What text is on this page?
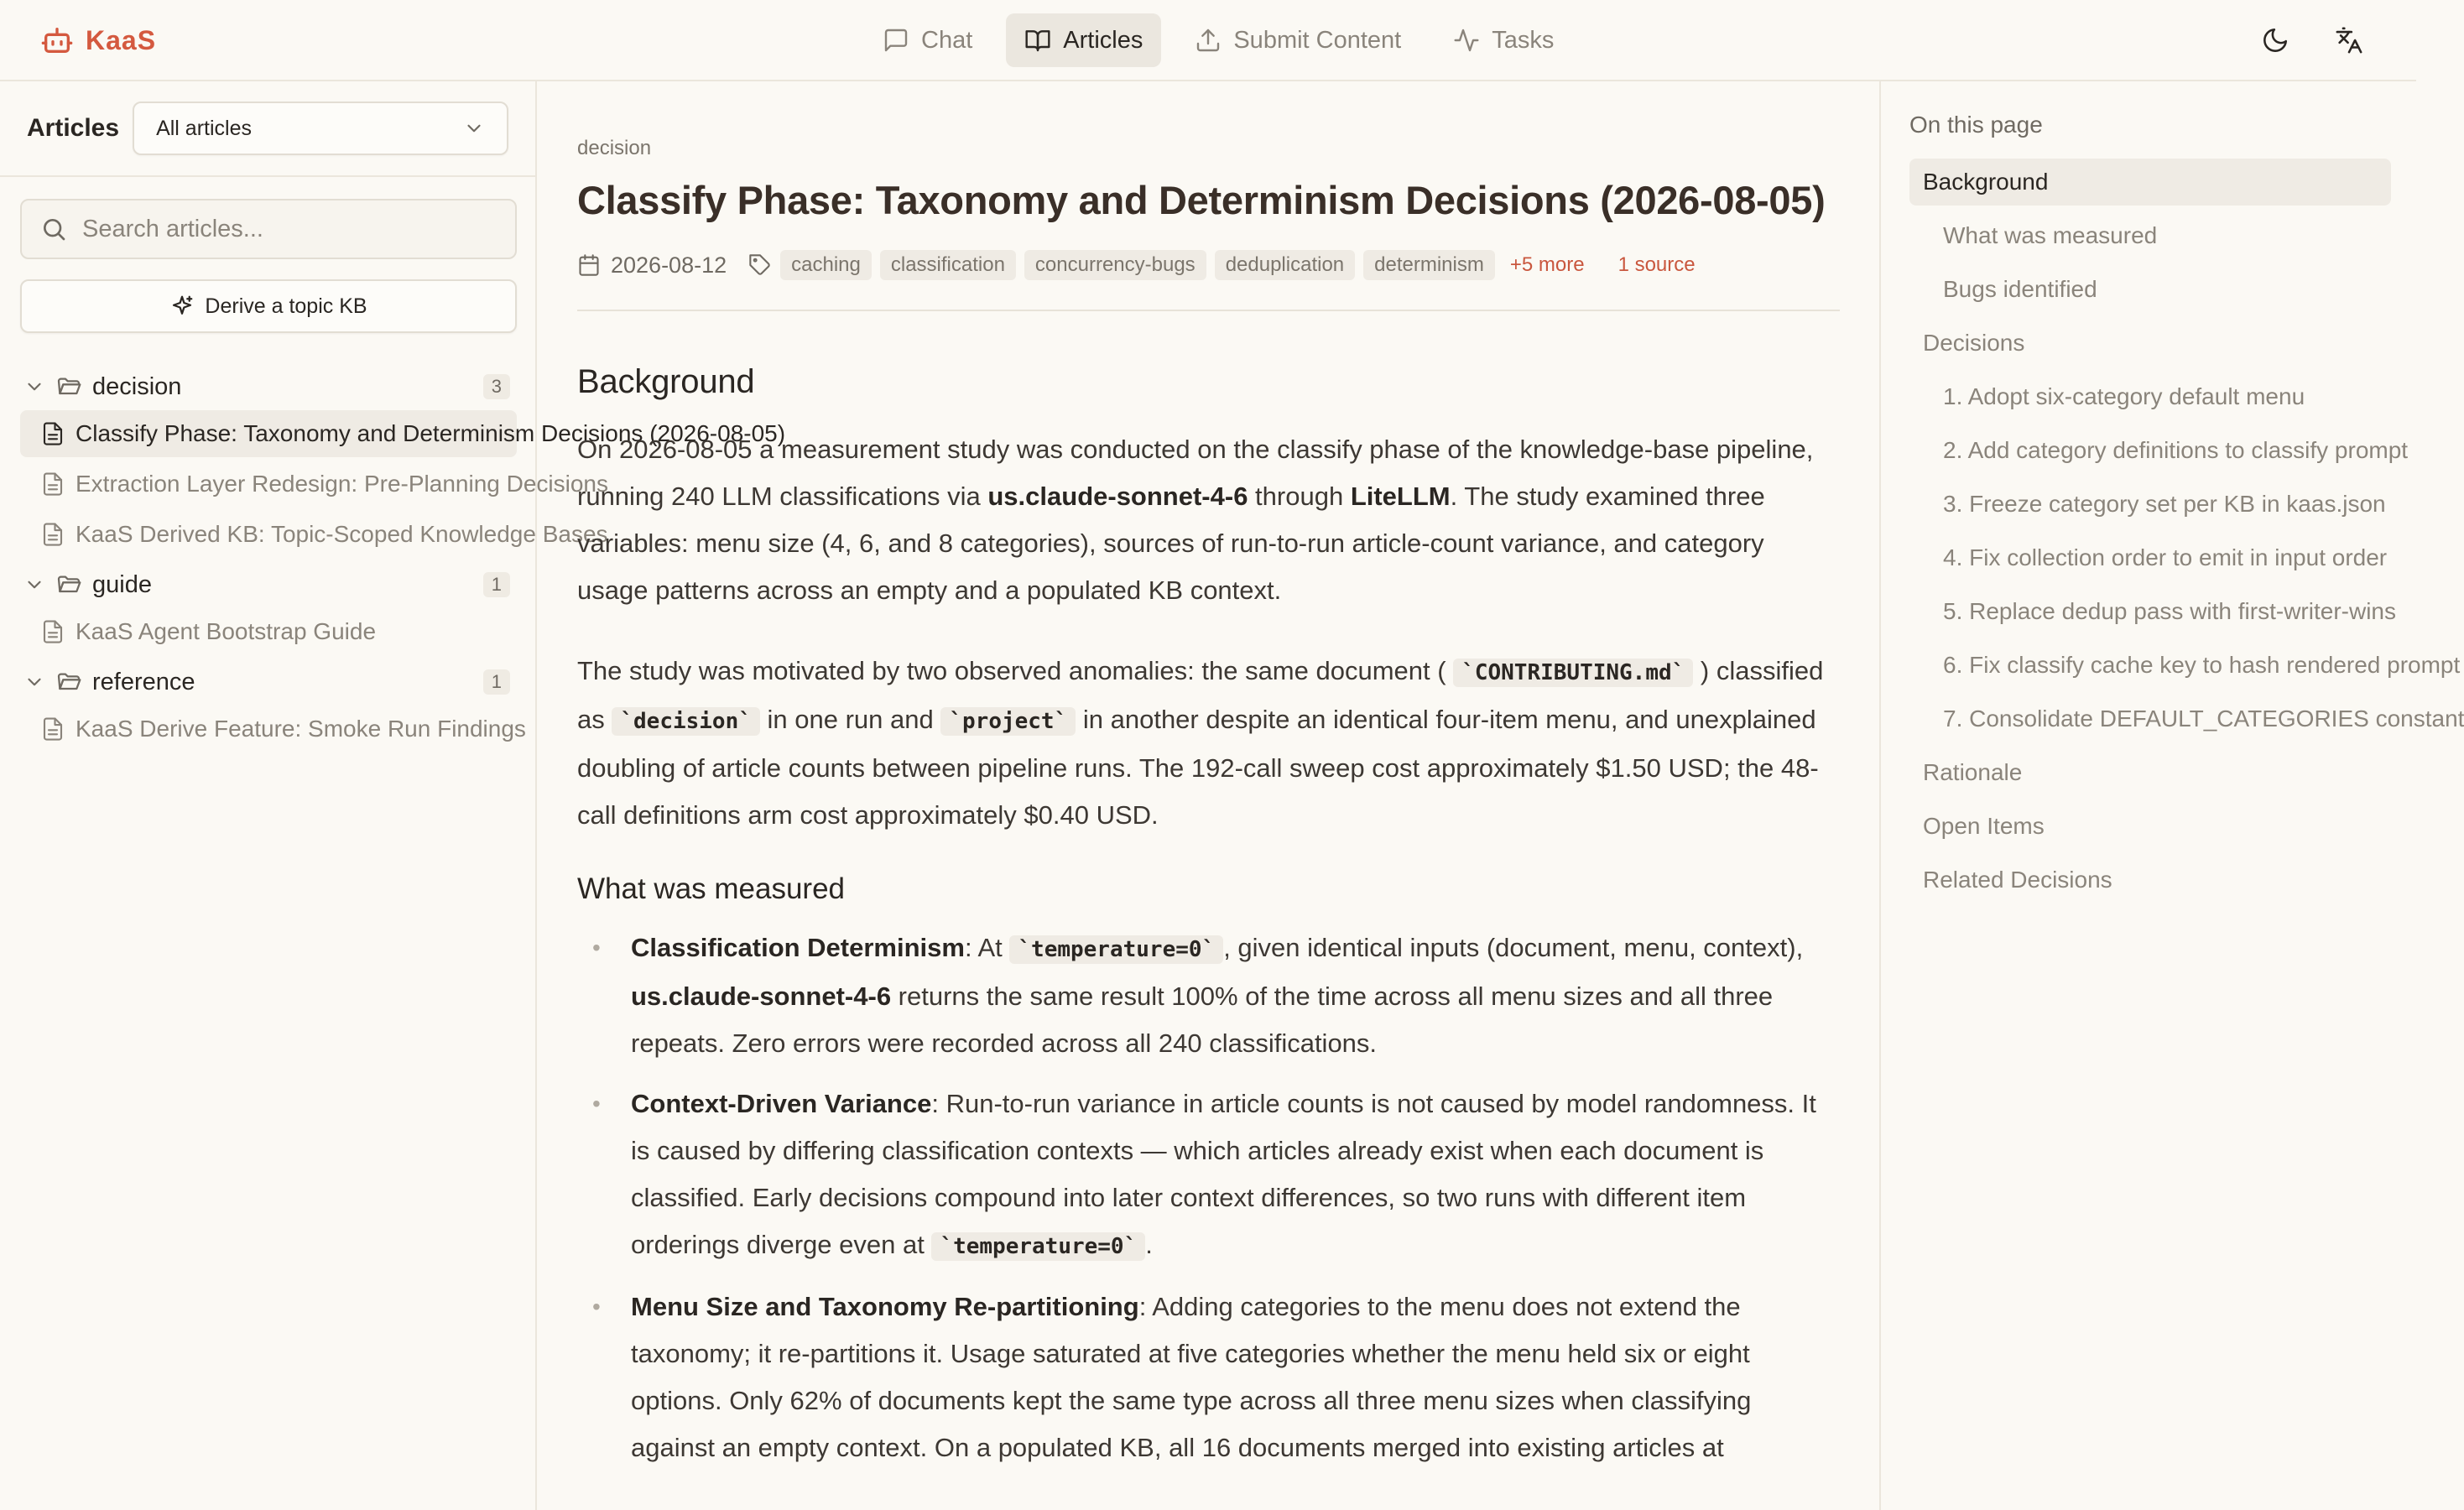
KaaS	Chat	Articles	Submit Content	Tasks
Articles All articles
Search articles...
Derive a topic KB
decision	3
Classify Phase: Taxonomy and Determinism Decisions (2026-08-05)
Extraction Layer Redesign: Pre-Planning Decisions
KaaS Derived KB: Topic-Scoped Knowledge Bases
guide	1
KaaS Agent Bootstrap Guide
reference	1
KaaS Derive Feature: Smoke Run Findings
decision
Classify Phase: Taxonomy and Determinism Decisions (2026-08-05)
2026-08-12	caching	classification	concurrency-bugs	deduplication	determinism	+5 more 1 source
Background

On 2026-08-05 a measurement study was conducted on the classify phase of the knowledge-base pipeline, running 240 LLM classifications via us.claude-sonnet-4-6 through LiteLLM. The study examined three variables: menu size (4, 6, and 8 categories), sources of run-to-run article-count variance, and category usage patterns across an empty and a populated KB context.

The study was motivated by two observed anomalies: the same document ( `CONTRIBUTING.md` ) classified as `decision` in one run and `project` in another despite an identical four-item menu, and unexplained doubling of article counts between pipeline runs. The 192-call sweep cost approximately $1.50 USD; the 48-call definitions arm cost approximately $0.40 USD.

What was measured
• Classification Determinism: At `temperature=0` , given identical inputs (document, menu, context), us.claude-sonnet-4-6 returns the same result 100% of the time across all menu sizes and all three repeats. Zero errors were recorded across all 240 classifications.
• Context-Driven Variance: Run-to-run variance in article counts is not caused by model randomness. It is caused by differing classification contexts — which articles already exist when each document is classified. Early decisions compound into later context differences, so two runs with different item orderings diverge even at `temperature=0` .
• Menu Size and Taxonomy Re-partitioning: Adding categories to the menu does not extend the taxonomy; it re-partitions it. Usage saturated at five categories whether the menu held six or eight options. Only 62% of documents kept the same type across all three menu sizes when classifying against an empty context. On a populated KB, all 16 documents merged into existing articles at
On this page
Background
What was measured
Bugs identified
Decisions
1. Adopt six-category default menu
2. Add category definitions to classify prompt
3. Freeze category set per KB in kaas.json
4. Fix collection order to emit in input order
5. Replace dedup pass with first-writer-wins
6. Fix classify cache key to hash rendered prompt
7. Consolidate DEFAULT_CATEGORIES constant
Rationale
Open Items
Related Decisions
